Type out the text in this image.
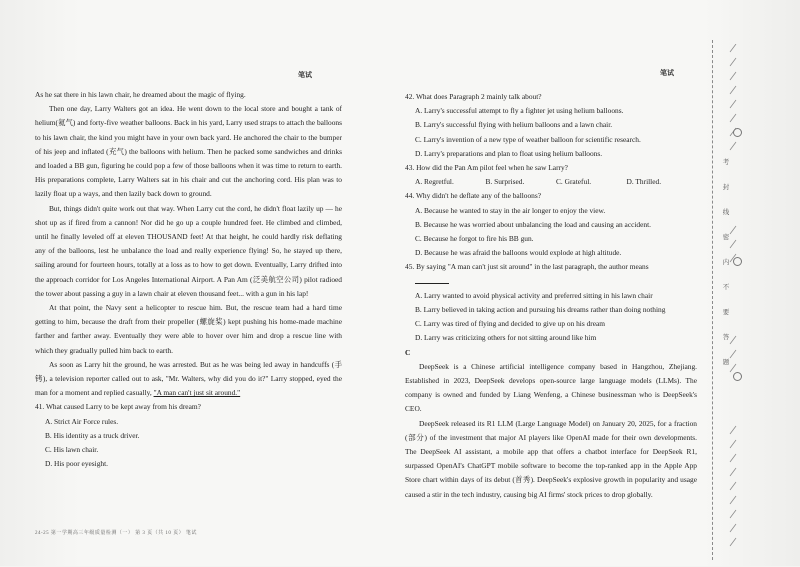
笔试	笔试

As he sat there in his lawn chair, he dreamed about the magic of flying.

Then one day, Larry Walters got an idea. He went down to the local store and bought a tank of helium(氦气) and forty-five weather balloons. Back in his yard, Larry used straps to attach the balloons to his lawn chair, the kind you might have in your own back yard. He anchored the chair to the bumper of his jeep and inflated (充气) the balloons with helium. Then he packed some sandwiches and drinks and loaded a BB gun, figuring he could pop a few of those balloons when it was time to return to earth. His preparations complete, Larry Walters sat in his chair and cut the anchoring cord. His plan was to lazily float up a ways, and then lazily back down to ground.

But, things didn't quite work out that way. When Larry cut the cord, he didn't float lazily up — he shot up as if fired from a cannon! Nor did he go up a couple hundred feet. He climbed and climbed, until he finally leveled off at eleven THOUSAND feet! At that height, he could hardly risk deflating any of the balloons, lest he unbalance the load and really experience flying! So, he stayed up there, sailing around for fourteen hours, totally at a loss as to how to get down. Eventually, Larry drifted into the approach corridor for Los Angeles International Airport. A Pan Am (泛美航空公司) pilot radioed the tower about passing a guy in a lawn chair at eleven thousand feet... with a gun in his lap!

At that point, the Navy sent a helicopter to rescue him. But, the rescue team had a hard time getting to him, because the draft from their propeller (螺旋桨) kept pushing his home-made machine farther and farther away. Eventually they were able to hover over him and drop a rescue line with which they gradually pulled him back to earth.

As soon as Larry hit the ground, he was arrested. But as he was being led away in handcuffs (手铐), a television reporter called out to ask, "Mr. Walters, why did you do it?" Larry stopped, eyed the man for a moment and replied casually, "A man can't just sit around."

41. What caused Larry to be kept away from his dream?

A. Strict Air Force rules.

B. His identity as a truck driver.

C. His lawn chair.

D. His poor eyesight.

24-25 第一学期高三年级质量检测（一） 第 3 页（共 10 页） 笔试

42. What does Paragraph 2 mainly talk about?

A. Larry's successful attempt to fly a fighter jet using helium balloons.

B. Larry's successful flying with helium balloons and a lawn chair.

C. Larry's invention of a new type of weather balloon for scientific research.

D. Larry's preparations and plan to float using helium balloons.

43. How did the Pan Am pilot feel when he saw Larry?

A. Regretful.	B. Surprised.	C. Grateful.	D. Thrilled.

44. Why didn't he deflate any of the balloons?

A. Because he wanted to stay in the air longer to enjoy the view.

B. Because he was worried about unbalancing the load and causing an accident.

C. Because he forgot to fire his BB gun.

D. Because he was afraid the balloons would explode at high altitude.

45. By saying "A man can't just sit around" in the last paragraph, the author means

A. Larry wanted to avoid physical activity and preferred sitting in his lawn chair

B. Larry believed in taking action and pursuing his dreams rather than doing nothing

C. Larry was tired of flying and decided to give up on his dream

D. Larry was criticizing others for not sitting around like him

C

DeepSeek is a Chinese artificial intelligence company based in Hangzhou, Zhejiang. Established in 2023, DeepSeek develops open-source large language models (LLMs). The company is owned and funded by Liang Wenfeng, a Chinese businessman who is DeepSeek's CEO.

DeepSeek released its R1 LLM (Large Language Model) on January 20, 2025, for a fraction (部分) of the investment that major AI players like OpenAI made for their own developments. The DeepSeek AI assistant, a mobile app that offers a chatbot interface for DeepSeek R1, surpassed OpenAI's ChatGPT mobile software to become the top-ranked app in the Apple App Store chart within days of its debut (首秀). DeepSeek's explosive growth in popularity and usage caused a stir in the tech industry, causing big AI firms' stock prices to drop globally.

考
封
线
密
内
不
要
答
题
